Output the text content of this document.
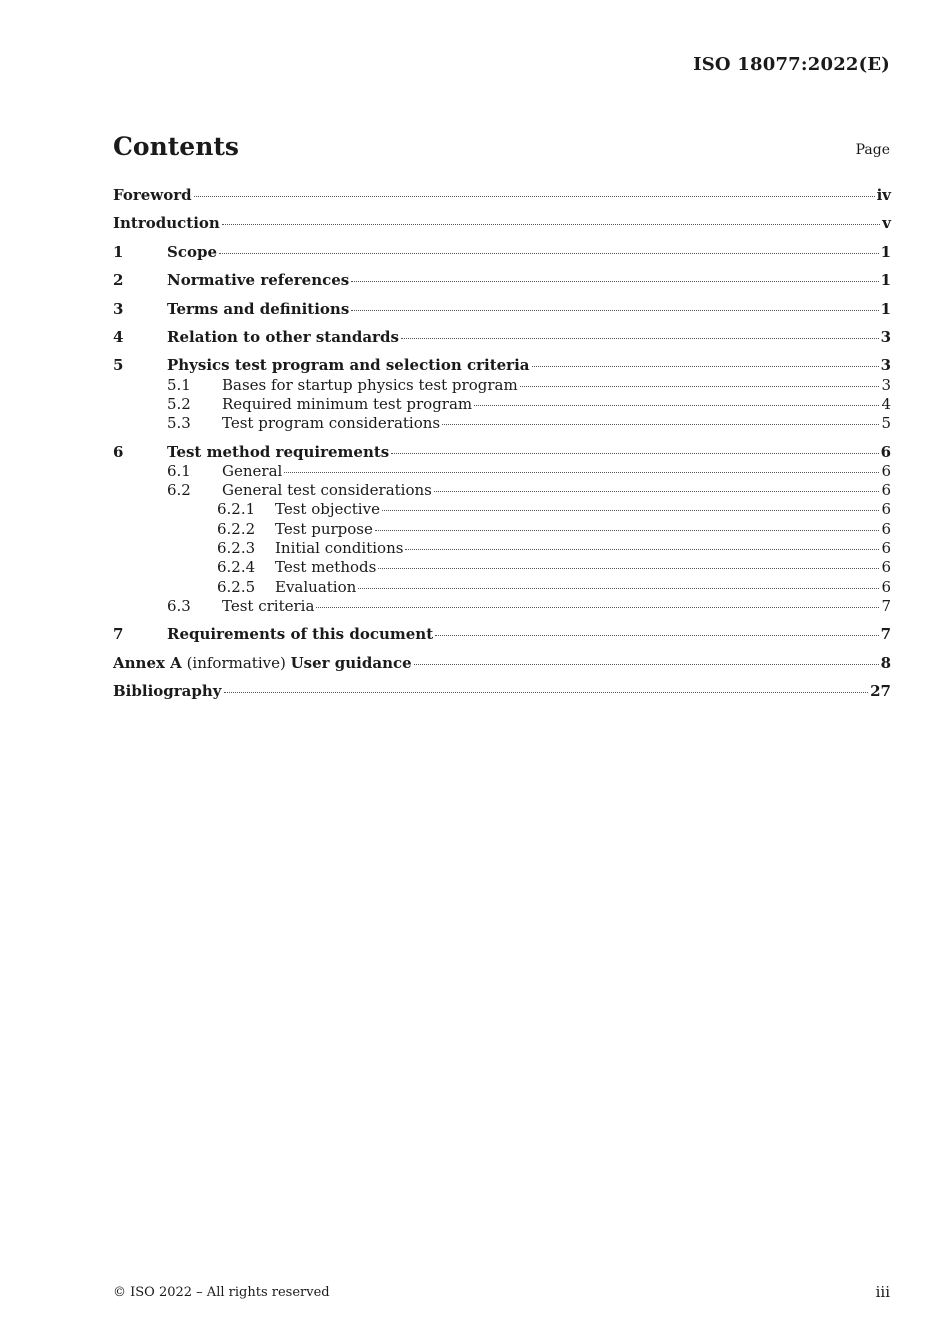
ISO 18077:2022(E)
Contents	Page
Foreword	iv
Introduction	v
1	Scope	1
2	Normative references	1
3	Terms and definitions	1
4	Relation to other standards	3
5	Physics test program and selection criteria	3
5.1	Bases for startup physics test program	3
5.2	Required minimum test program	4
5.3	Test program considerations	5
6	Test method requirements	6
6.1	General	6
6.2	General test considerations	6
6.2.1	Test objective	6
6.2.2	Test purpose	6
6.2.3	Initial conditions	6
6.2.4	Test methods	6
6.2.5	Evaluation	6
6.3	Test criteria	7
7	Requirements of this document	7
Annex A (informative) User guidance	8
Bibliography	27
© ISO 2022 – All rights reserved	iii
